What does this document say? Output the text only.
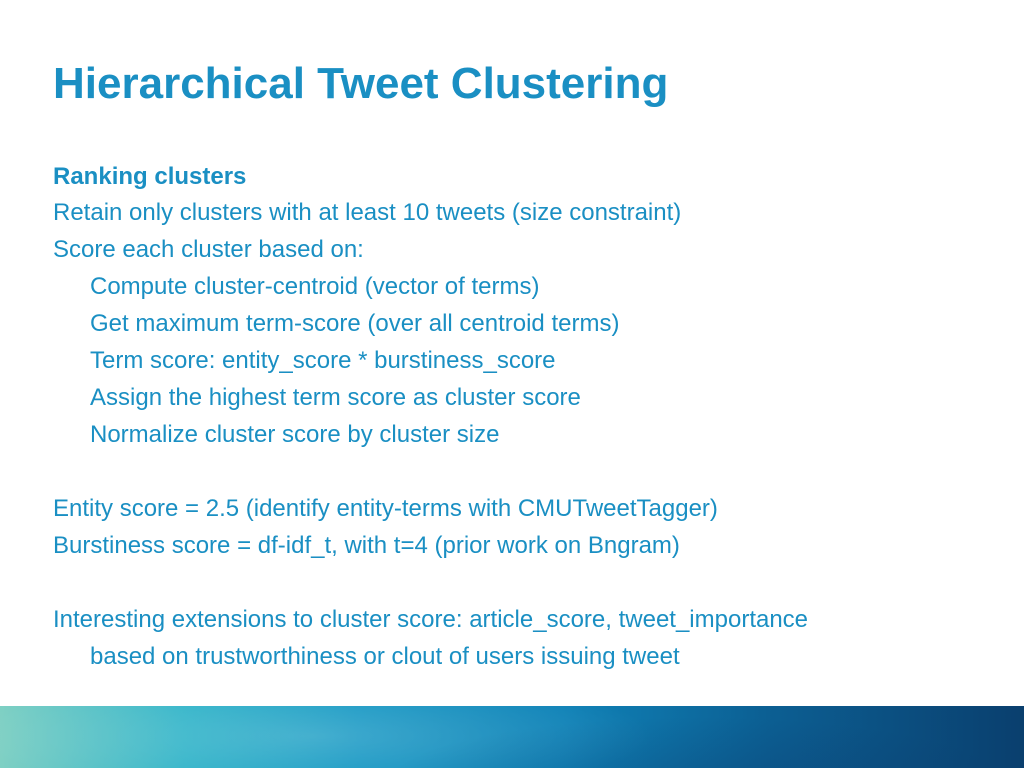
Hierarchical Tweet Clustering
Ranking clusters
Retain only clusters with at least 10 tweets (size constraint)
Score each cluster based on:
Compute cluster-centroid (vector of terms)
Get maximum term-score (over all centroid terms)
Term score: entity_score * burstiness_score
Assign the highest term score as cluster score
Normalize cluster score by cluster size
Entity score = 2.5 (identify entity-terms with CMUTweetTagger)
Burstiness score = df-idf_t, with t=4 (prior work on Bngram)
Interesting extensions to cluster score: article_score, tweet_importance
based on trustworthiness or clout of users issuing tweet
